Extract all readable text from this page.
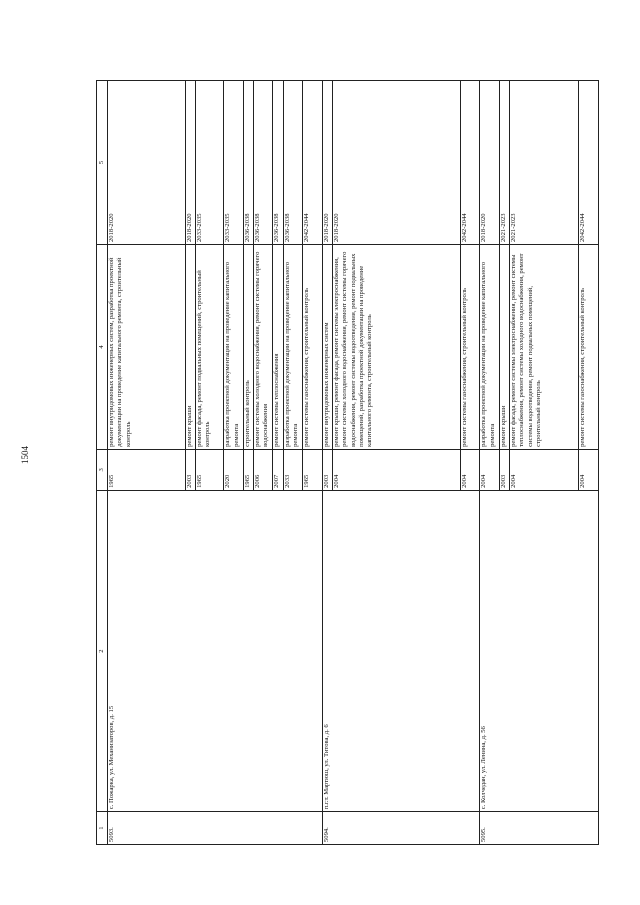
1504
1	2	3	4	5
5093.	с. Пожарка, ул. Механизаторов, д. 15	1965	ремонт внутридомовых инженерных систем, разработка проектной документации на проведение капитального ремонта, строительный контроль	2018-2020
		2003	ремонт крыши	2018-2020
		1965	ремонт фасада, ремонт подвальных помещений, строительный контроль	2033-2035
		2020	разработка проектной документации на проведение капитального ремонта	2033-2035
		1965	строительный контроль	2036-2038
		2006	ремонт системы холодного водоснабжения, ремонт системы горячего водоснабжения	2036-2038
		2007	ремонт системы теплоснабжения	2036-2038
		2033	разработка проектной документации на проведение капитального ремонта	2036-2038
		1965	ремонт системы газоснабжения, строительный контроль	2042-2044
5094.	п.г.т. Мартюш, ул. Титова, д. 6	2003	ремонт внутридомовых инженерных систем	2018-2020
		2004	ремонт крыши, ремонт фасада, ремонт системы электроснабжения, ремонт системы холодного водоснабжения, ремонт системы горячего водоснабжения, ремонт системы водоотведения, ремонт подвальных помещений, разработка проектной документации на проведение капитального ремонта, строительный контроль	2018-2020
		2004	ремонт системы газоснабжения, строительный контроль	2042-2044
5095.	с. Колчедан, ул. Ленина, д. 56	2004	разработка проектной документации на проведение капитального ремонта	2018-2020
		2003	ремонт крыши	2021-2023
		2004	ремонт фасада, ремонт системы электроснабжения, ремонт системы теплоснабжения, ремонт системы холодного водоснабжения, ремонт системы водоотведения, ремонт подвальных помещений, строительный контроль	2021-2023
		2004	ремонт системы газоснабжения, строительный контроль	2042-2044
